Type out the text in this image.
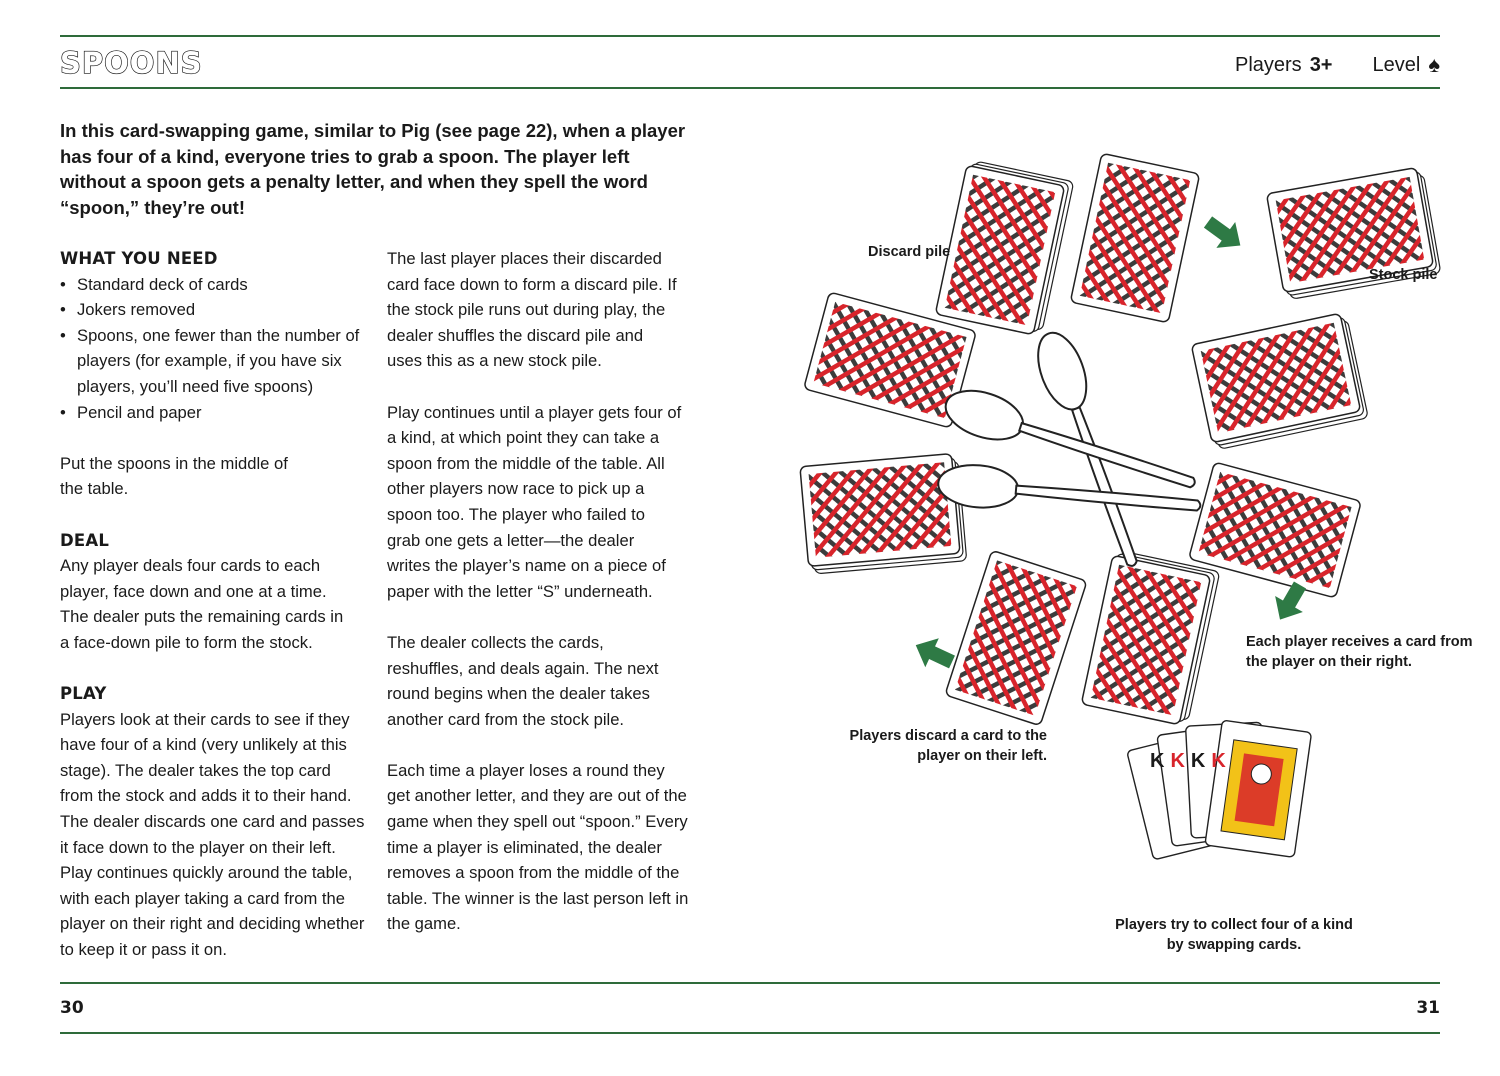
SPOONS	Players 3+ Level ♠
In this card-swapping game, similar to Pig (see page 22), when a player has four of a kind, everyone tries to grab a spoon. The player left without a spoon gets a penalty letter, and when they spell the word “spoon,” they’re out!
WHAT YOU NEED
• Standard deck of cards
• Jokers removed
• Spoons, one fewer than the number of players (for example, if you have six players, you’ll need five spoons)
• Pencil and paper

Put the spoons in the middle of the table.

DEAL

Any player deals four cards to each player, face down and one at a time. The dealer puts the remaining cards in a face-down pile to form the stock.

PLAY

Players look at their cards to see if they have four of a kind (very unlikely at this stage). The dealer takes the top card from the stock and adds it to their hand. The dealer discards one card and passes it face down to the player on their left. Play continues quickly around the table, with each player taking a card from the player on their right and deciding whether to keep it or pass it on.

The last player places their discarded card face down to form a discard pile. If the stock pile runs out during play, the dealer shuffles the discard pile and uses this as a new stock pile.

Play continues until a player gets four of a kind, at which point they can take a spoon from the middle of the table. All other players now race to pick up a spoon too. The player who failed to grab one gets a letter—the dealer writes the player’s name on a piece of paper with the letter “S” underneath.

The dealer collects the cards, reshuffles, and deals again. The next round begins when the dealer takes another card from the stock pile.

Each time a player loses a round they get another letter, and they are out of the game when they spell out “spoon.” Every time a player is eliminated, the dealer removes a spoon from the middle of the table. The winner is the last person left in the game.

Discard pile
Stock pile
Each player receives a card from the player on their right.
Players discard a card to the player on their left.
Players try to collect four of a kind by swapping cards.
KKKK
30	31
